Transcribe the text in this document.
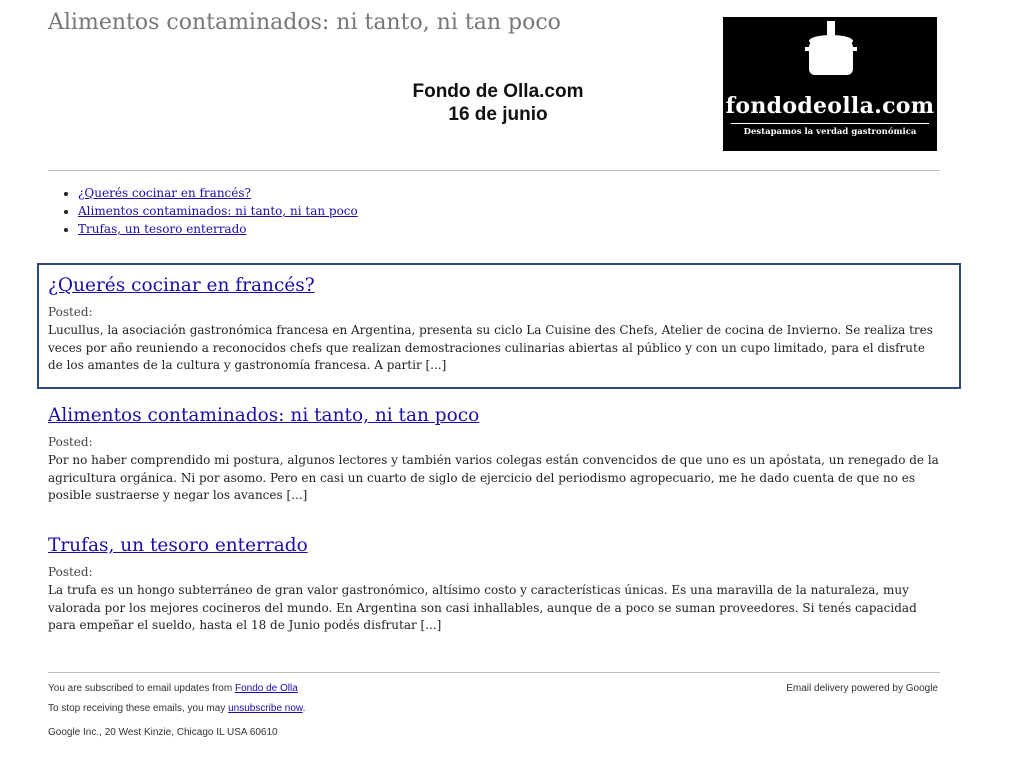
Alimentos contaminados: ni tanto, ni tan poco
Fondo de Olla.com
16 de junio	fondodeolla.com
Destapamos la verdad gastronómica
• ¿Querés cocinar en francés?
• Alimentos contaminados: ni tanto, ni tan poco
• Trufas, un tesoro enterrado
¿Querés cocinar en francés?

Posted:

Lucullus, la asociación gastronómica francesa en Argentina, presenta su ciclo La Cuisine des Chefs, Atelier de cocina de Invierno. Se realiza tres veces por año reuniendo a reconocidos chefs que realizan demostraciones culinarias abiertas al público y con un cupo limitado, para el disfrute de los amantes de la cultura y gastronomía francesa. A partir [...]

Alimentos contaminados: ni tanto, ni tan poco

Posted:

Por no haber comprendido mi postura, algunos lectores y también varios colegas están convencidos de que uno es un apóstata, un renegado de la agricultura orgánica. Ni por asomo. Pero en casi un cuarto de siglo de ejercicio del periodismo agropecuario, me he dado cuenta de que no es posible sustraerse y negar los avances [...]

Trufas, un tesoro enterrado

Posted:

La trufa es un hongo subterráneo de gran valor gastronómico, altísimo costo y características únicas. Es una maravilla de la naturaleza, muy valorada por los mejores cocineros del mundo. En Argentina son casi inhallables, aunque de a poco se suman proveedores. Si tenés capacidad para empeñar el sueldo, hasta el 18 de Junio podés disfrutar [...]

You are subscribed to email updates from Fondo de Olla	Email delivery powered by Google
To stop receiving these emails, you may unsubscribe now.
Google Inc., 20 West Kinzie, Chicago IL USA 60610
